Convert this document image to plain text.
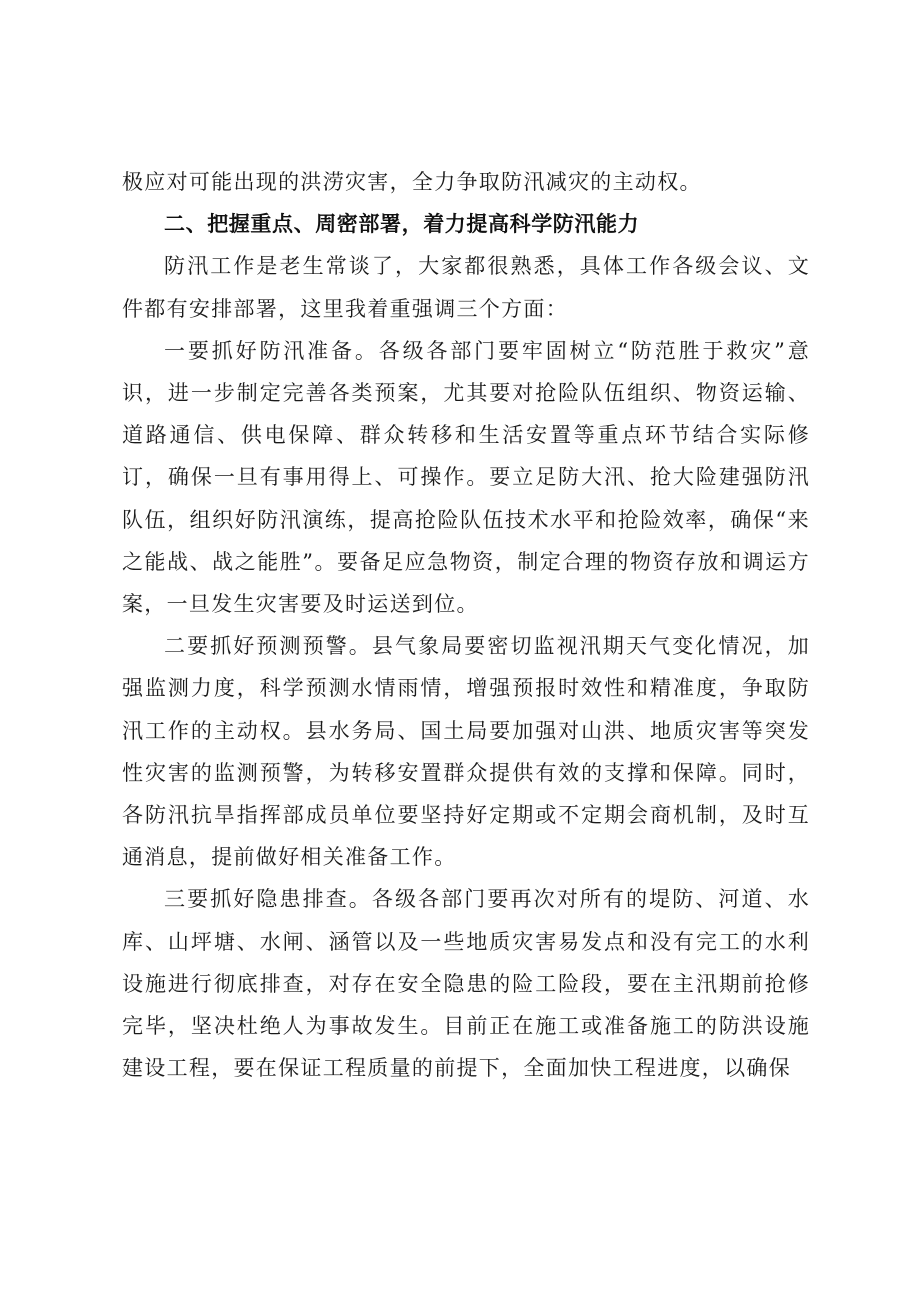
极应对可能出现的洪涝灾害，全力争取防汛减灾的主动权。

二、把握重点、周密部署，着力提高科学防汛能力

防汛工作是老生常谈了，大家都很熟悉，具体工作各级会议、文件都有安排部署，这里我着重强调三个方面：

一要抓好防汛准备。各级各部门要牢固树立“防范胜于救灾”意识，进一步制定完善各类预案，尤其要对抢险队伍组织、物资运输、道路通信、供电保障、群众转移和生活安置等重点环节结合实际修订，确保一旦有事用得上、可操作。要立足防大汛、抢大险建强防汛队伍，组织好防汛演练，提高抢险队伍技术水平和抢险效率，确保“来之能战、战之能胜”。要备足应急物资，制定合理的物资存放和调运方案，一旦发生灾害要及时运送到位。

二要抓好预测预警。县气象局要密切监视汛期天气变化情况，加强监测力度，科学预测水情雨情，增强预报时效性和精准度，争取防汛工作的主动权。县水务局、国土局要加强对山洪、地质灾害等突发性灾害的监测预警，为转移安置群众提供有效的支撑和保障。同时，各防汛抗旱指挥部成员单位要坚持好定期或不定期会商机制，及时互通消息，提前做好相关准备工作。

三要抓好隐患排查。各级各部门要再次对所有的堤防、河道、水库、山坪塘、水闸、涵管以及一些地质灾害易发点和没有完工的水利设施进行彻底排查，对存在安全隐患的险工险段，要在主汛期前抢修完毕，坚决杜绝人为事故发生。目前正在施工或准备施工的防洪设施建设工程，要在保证工程质量的前提下，全面加快工程进度，以确保
